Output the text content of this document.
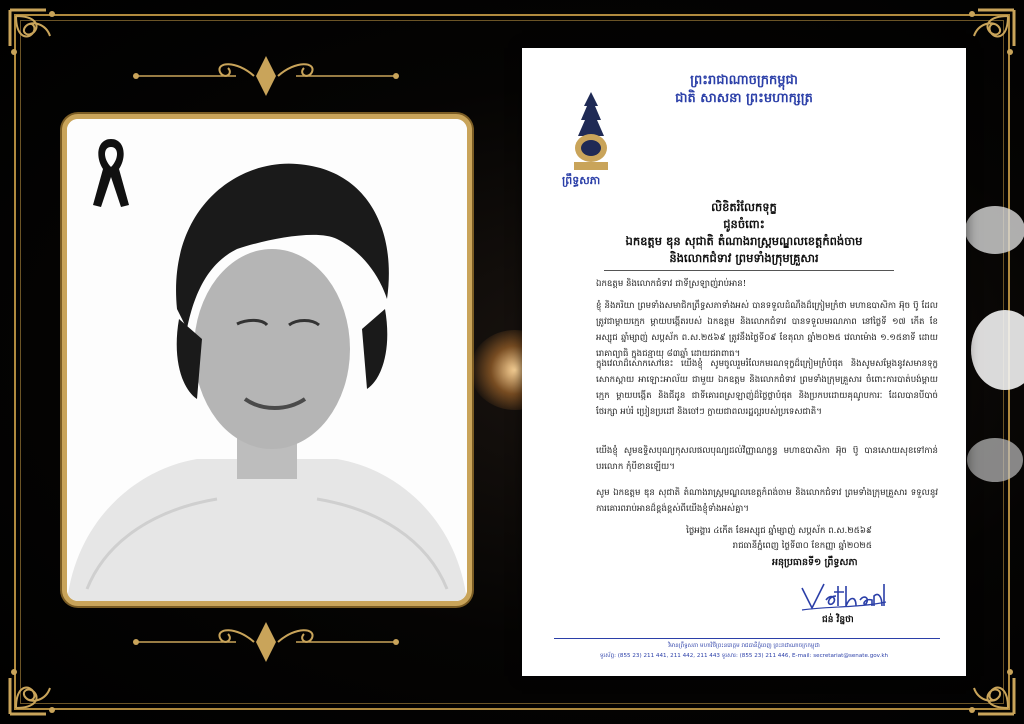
ព្រះរាជាណាចក្រកម្ពុជា
ជាតិ សាសនា ព្រះមហាក្សត្រ
ព្រឹទ្ធសភា
លិខិតរំលែកទុក្ខ
ជូនចំពោះ
ឯកឧត្តម ឌុន សុជាតិ តំណាងរាស្ត្រមណ្ឌលខេត្តកំពង់ចាម
និងលោកជំទាវ ព្រមទាំងក្រុមគ្រួសារ
ឯកឧត្តម និងលោកជំទាវ ជាទីស្រឡាញ់រាប់អាន!
ខ្ញុំ និងភរិយា ព្រមទាំងសមាជិកព្រឹទ្ធសភាទាំងអស់ បានទទួលដំណឹងដ៏ក្រៀមក្រំថា មហាឧបាសិកា អ៊ុច ប៊ូ ដែលត្រូវជាម្ដាយក្មេក ម្ដាយបង្កើតរបស់ ឯកឧត្ដម និងលោកជំទាវ បានទទួលមរណភាព នៅថ្ងៃទី ១៧ កើត ខែអស្សុជ ឆ្នាំម្សាញ់ សប្តស័ក ព.ស.២៥៦៩ ត្រូវនឹងថ្ងៃទី០៩ ខែតុលា ឆ្នាំ២០២៥ វេលាម៉ោង ១.១៥នាទី ដោយរោគាព្យាធិ ក្នុងជន្មាយុ ៨៣ឆ្នាំ ដោយជរាពាធ។
ក្នុងវេលាដ៏សោកសៅនេះ យើងខ្ញុំ សូមចូលរួមរំលែកមរណទុក្ខដ៏ក្រៀមក្រំបំផុត និងសូមសម្ដែងនូវសមានទុក្ខ សោកស្ដាយ អាឡោះអាល័យ ជាមួយ ឯកឧត្តម និងលោកជំទាវ ព្រមទាំងក្រុមគ្រួសារ ចំពោះការបាត់បង់ម្ដាយក្មេក ម្ដាយបង្កើត និងជីដូន ជាទីគោរពស្រឡាញ់ដ៏ថ្លៃថ្លាបំផុត និងប្រកបដោយគុណូបការៈ ដែលបានបីបាច់ថែរក្សា អប់រំ ប្រៀនប្រដៅ និងចៅៗ ក្លាយជាពលរដ្ឋល្អរបស់ប្រទេសជាតិ។
យើងខ្ញុំ សូមឧទ្ទិសបុណ្យកុសលផលបុណ្យដល់វិញ្ញាណក្ខន្ធ មហាឧបាសិកា អ៊ុច ប៊ូ បានសោយសុខទៅកាន់បរលោក កុំបីខានឡើយ។
សូម ឯកឧត្តម ឌុន សុជាតិ តំណាងរាស្ត្រមណ្ឌលខេត្តកំពង់ចាម និងលោកជំទាវ ព្រមទាំងក្រុមគ្រួសារ ទទួលនូវការគោរពរាប់អានដ៏ខ្ពង់ខ្ពស់ពីយើងខ្ញុំទាំងអស់គ្នា។
ថ្ងៃអង្គារ ៤កើត ខែអស្សុជ ឆ្នាំម្សាញ់ សប្តស័ក ព.ស.២៥៦៩
រាជធានីភ្នំពេញ ថ្ងៃទី៣០ ខែកញ្ញា ឆ្នាំ២០២៥
អនុប្រធានទី១ ព្រឹទ្ធសភា
ជន់ វិន្នថា
វិមានព្រឹទ្ធសភា មហាវិថីព្រះនរោត្តម រាជធានីភ្នំពេញ ព្រះរាជាណាចក្រកម្ពុជា
ទូរស័ព្ទ: (855 23) 211 441, 211 442, 211 443 ទូរសារ: (855 23) 211 446, E-mail: secretariat@senate.gov.kh
